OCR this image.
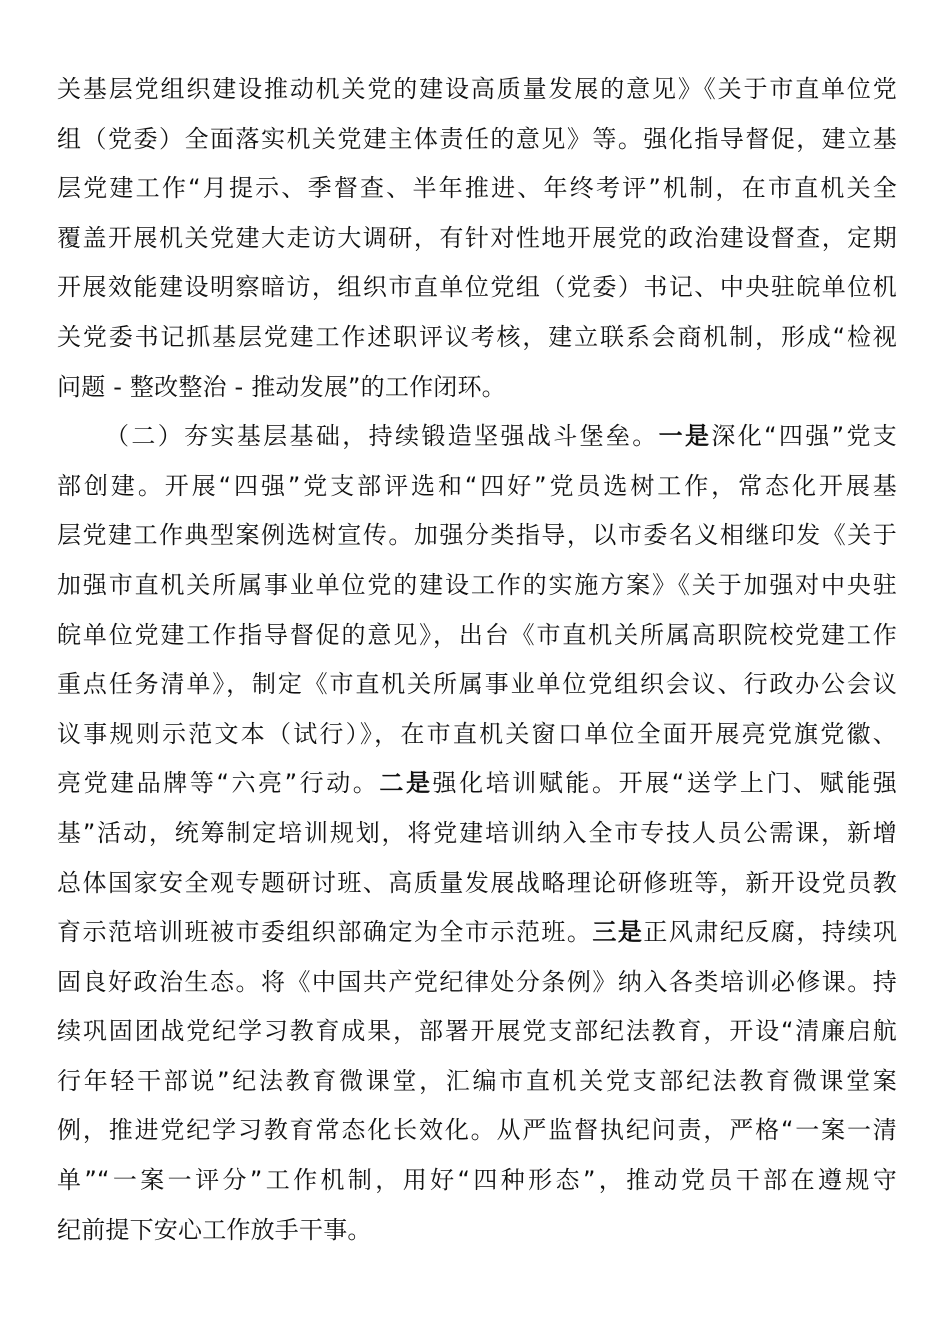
关基层党组织建设推动机关党的建设高质量发展的意见》《关于市直单位党
组（党委）全面落实机关党建主体责任的意见》等。强化指导督促，建立基
层党建工作“月提示、季督查、半年推进、年终考评”机制，在市直机关全
覆盖开展机关党建大走访大调研，有针对性地开展党的政治建设督查，定期
开展效能建设明察暗访，组织市直单位党组（党委）书记、中央驻皖单位机
关党委书记抓基层党建工作述职评议考核，建立联系会商机制，形成“检视
问题 - 整改整治 - 推动发展”的工作闭环。
（二）夯实基层基础，持续锻造坚强战斗堡垒。一是深化“四强”党支
部创建。开展“四强”党支部评选和“四好”党员选树工作，常态化开展基
层党建工作典型案例选树宣传。加强分类指导，以市委名义相继印发《关于
加强市直机关所属事业单位党的建设工作的实施方案》《关于加强对中央驻
皖单位党建工作指导督促的意见》，出台《市直机关所属高职院校党建工作
重点任务清单》，制定《市直机关所属事业单位党组织会议、行政办公会议
议事规则示范文本（试行）》，在市直机关窗口单位全面开展亮党旗党徽、
亮党建品牌等“六亮”行动。二是强化培训赋能。开展“送学上门、赋能强
基”活动，统筹制定培训规划，将党建培训纳入全市专技人员公需课，新增
总体国家安全观专题研讨班、高质量发展战略理论研修班等，新开设党员教
育示范培训班被市委组织部确定为全市示范班。三是正风肃纪反腐，持续巩
固良好政治生态。将《中国共产党纪律处分条例》纳入各类培训必修课。持
续巩固团战党纪学习教育成果，部署开展党支部纪法教育，开设“清廉启航
行年轻干部说”纪法教育微课堂，汇编市直机关党支部纪法教育微课堂案
例，推进党纪学习教育常态化长效化。从严监督执纪问责，严格“一案一清
单”“一案一评分”工作机制，用好“四种形态”，推动党员干部在遵规守
纪前提下安心工作放手干事。
